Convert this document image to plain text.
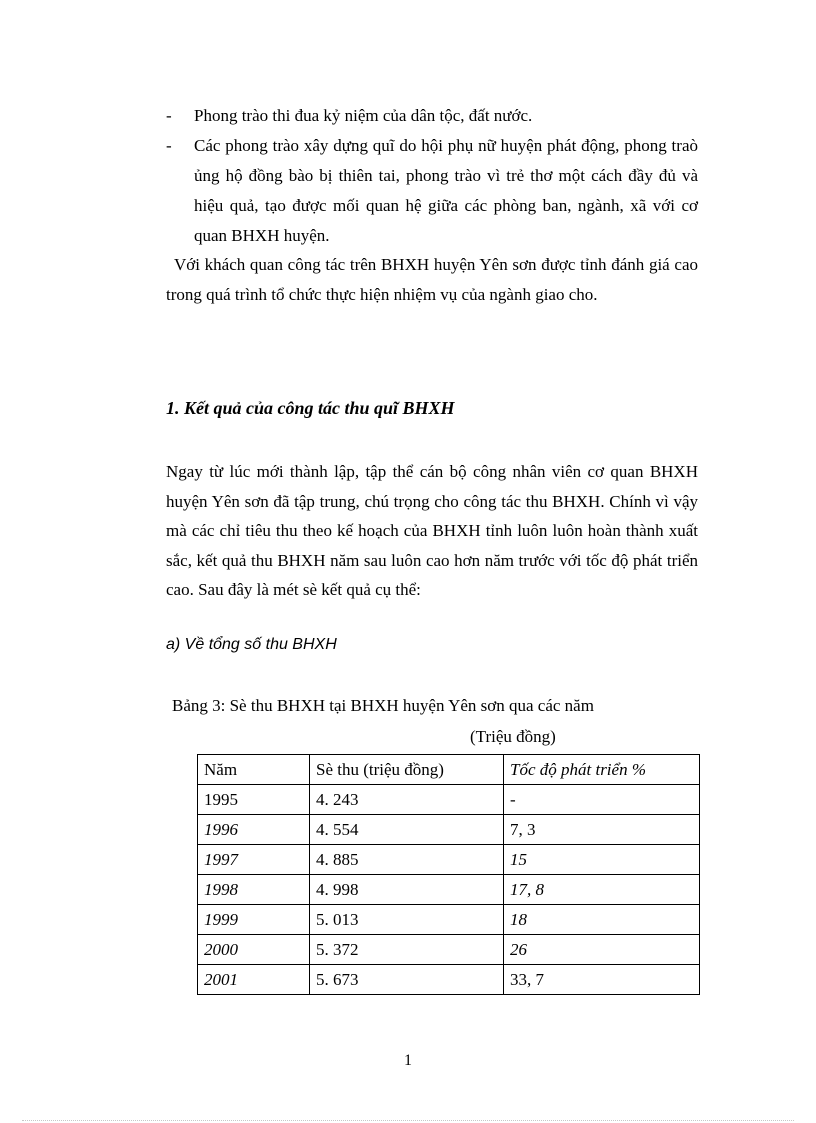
- Phong trào thi đua kỷ niệm của dân tộc, đất nước.
- Các phong trào xây dựng quĩ do hội phụ nữ huyện phát động, phong traò ủng hộ đồng bào bị thiên tai, phong trào vì trẻ thơ một cách đầy đủ và hiệu quả, tạo được mối quan hệ giữa các phòng ban, ngành, xã với cơ quan BHXH huyện.

Với khách quan công tác trên BHXH huyện Yên sơn được tỉnh đánh giá cao trong quá trình tổ chức thực hiện nhiệm vụ của ngành giao cho.

1. Kết quả của công tác thu quĩ BHXH

Ngay từ lúc mới thành lập, tập thể cán bộ công nhân viên cơ quan BHXH huyện Yên sơn đã tập trung, chú trọng cho công tác thu BHXH. Chính vì vậy mà các chỉ tiêu thu theo kế hoạch của BHXH tỉnh luôn luôn hoàn thành xuất sắc, kết quả thu BHXH năm sau luôn cao hơn năm trước với tốc độ phát triển cao. Sau đây là mét sè kết quả cụ thể:

a) Về tổng số thu BHXH

Bảng 3: Sè thu BHXH tại BHXH huyện Yên sơn qua các năm

(Triệu đồng)

Năm	Sè thu (triệu đồng)	Tốc độ phát triển %
1995	4. 243	-
1996	4. 554	7, 3
1997	4. 885	15
1998	4. 998	17, 8
1999	5. 013	18
2000	5. 372	26
2001	5. 673	33, 7

1
